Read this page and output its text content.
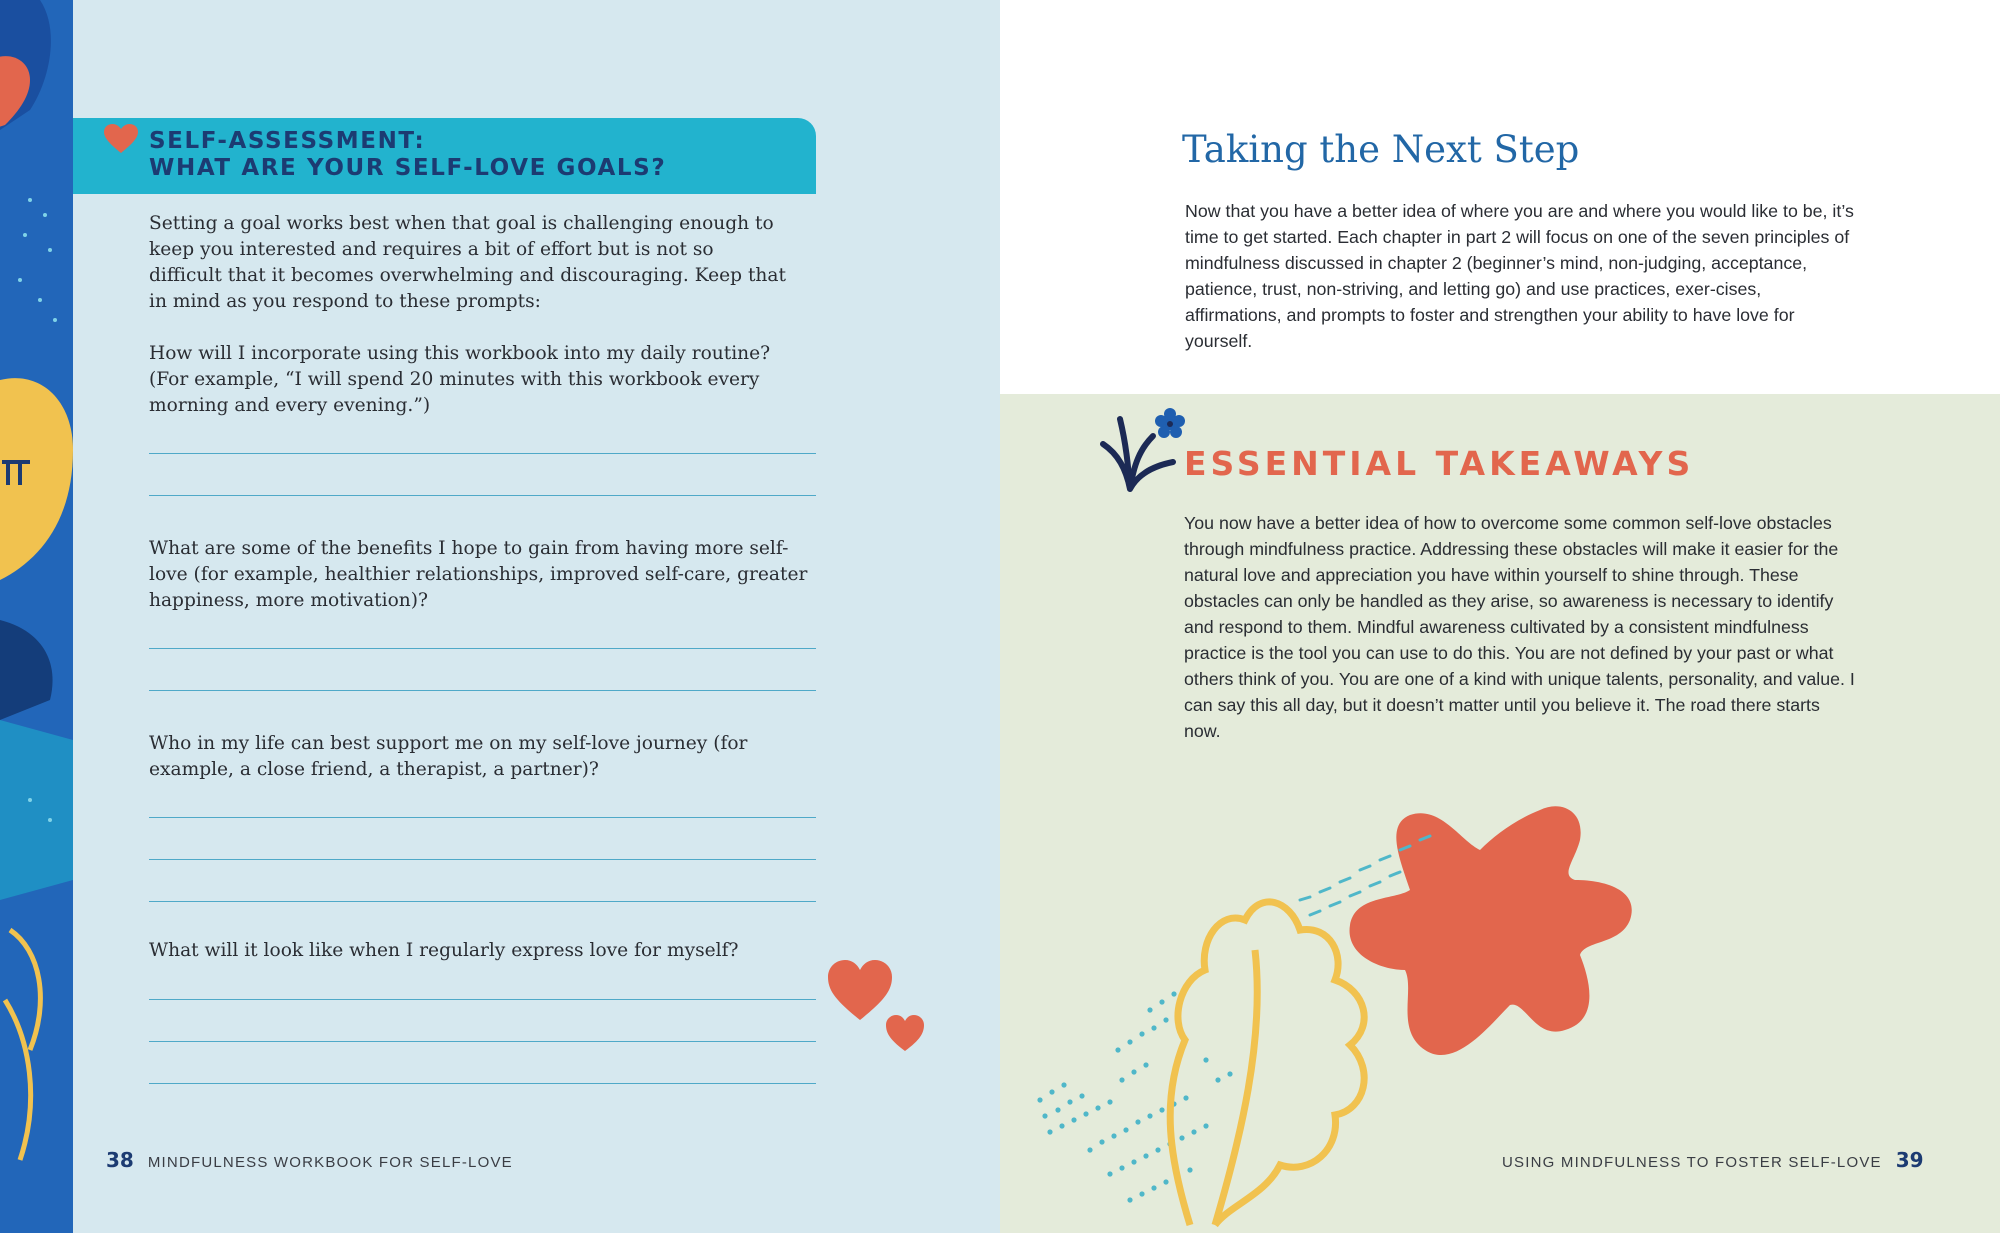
SELF-ASSESSMENT:
WHAT ARE YOUR SELF-LOVE GOALS?
Setting a goal works best when that goal is challenging enough to keep you interested and requires a bit of effort but is not so difficult that it becomes overwhelming and discouraging. Keep that in mind as you respond to these prompts:
How will I incorporate using this workbook into my daily routine? (For example, “I will spend 20 minutes with this workbook every morning and every evening.”)
What are some of the benefits I hope to gain from having more self-love (for example, healthier relationships, improved self-care, greater happiness, more motivation)?
Who in my life can best support me on my self-love journey (for example, a close friend, a therapist, a partner)?
What will it look like when I regularly express love for myself?
38 MINDFULNESS WORKBOOK FOR SELF-LOVE
Taking the Next Step
Now that you have a better idea of where you are and where you would like to be, it’s time to get started. Each chapter in part 2 will focus on one of the seven principles of mindfulness discussed in chapter 2 (beginner’s mind, non-judging, acceptance, patience, trust, non-striving, and letting go) and use practices, exer-cises, affirmations, and prompts to foster and strengthen your ability to have love for yourself.
ESSENTIAL TAKEAWAYS
You now have a better idea of how to overcome some common self-love obstacles through mindfulness practice. Addressing these obstacles will make it easier for the natural love and appreciation you have within yourself to shine through. These obstacles can only be handled as they arise, so awareness is necessary to identify and respond to them. Mindful awareness cultivated by a consistent mindfulness practice is the tool you can use to do this. You are not defined by your past or what others think of you. You are one of a kind with unique talents, personality, and value. I can say this all day, but it doesn’t matter until you believe it. The road there starts now.
USING MINDFULNESS TO FOSTER SELF-LOVE 39
